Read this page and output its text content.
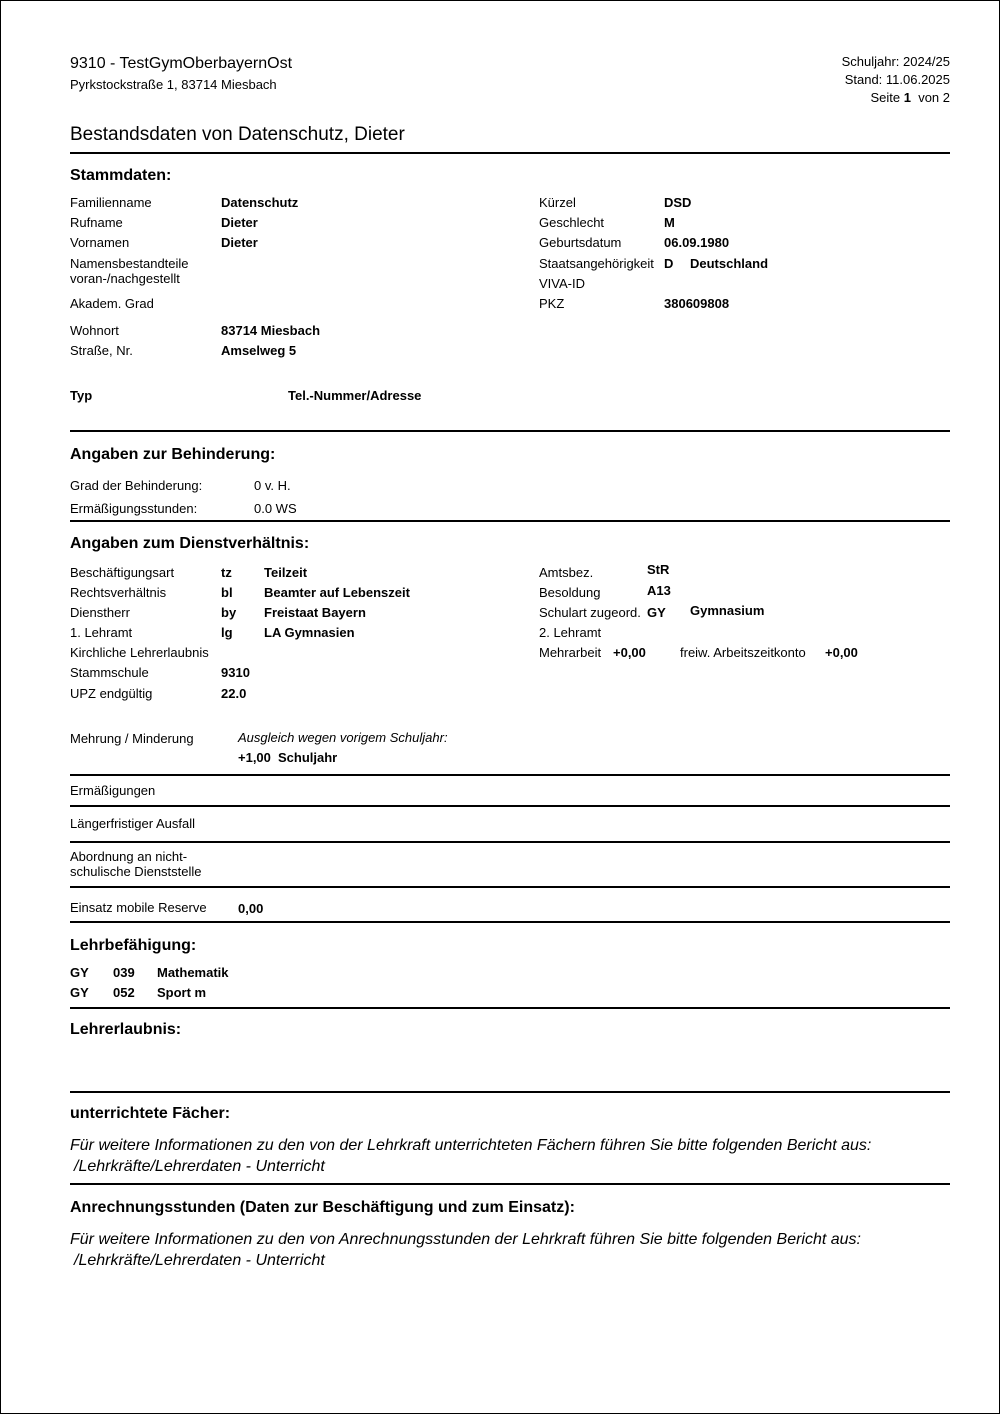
9310 - TestGymOberbayernOst
Pyrkstockstraße 1, 83714 Miesbach
Schuljahr: 2024/25
Stand: 11.06.2025
Seite 1 von 2
Bestandsdaten von Datenschutz, Dieter
Stammdaten:
Familienname	Datenschutz
Rufname	Dieter
Vornamen	Dieter
Namensbestandteile
voran-/nachgestellt
Akadem. Grad
Kürzel	DSD
Geschlecht	M
Geburtsdatum	06.09.1980
Staatsangehörigkeit D Deutschland
VIVA-ID
PKZ	380609808
Wohnort	83714 Miesbach
Straße, Nr.	Amselweg 5
Typ	Tel.-Nummer/Adresse
Angaben zur Behinderung:
Grad der Behinderung:	0 v. H.
Ermäßigungsstunden:	0.0 WS
Angaben zum Dienstverhältnis:
Beschäftigungsart	tz Teilzeit
Rechtsverhältnis	bl Beamter auf Lebenszeit
Dienstherr	by Freistaat Bayern
1. Lehramt	lg LA Gymnasien
Kirchliche Lehrerlaubnis
Stammschule	9310
UPZ endgültig	22.0
Amtsbez.	StR
Besoldung	A13
Schulart zugeord. GY Gymnasium
2. Lehramt
Mehrarbeit +0,00	freiw. Arbeitszeitkonto +0,00
Mehrung / Minderung	Ausgleich wegen vorigem Schuljahr:
+1,00 Schuljahr
Ermäßigungen
Längerfristiger Ausfall
Abordnung an nicht-
schulische Dienststelle
Einsatz mobile Reserve 0,00
Lehrbefähigung:
GY 039 Mathematik
GY 052 Sport m
Lehrerlaubnis:
unterrichtete Fächer:
Für weitere Informationen zu den von der Lehrkraft unterrichteten Fächern führen Sie bitte folgenden Bericht aus:
/Lehrkräfte/Lehrerdaten - Unterricht
Anrechnungsstunden (Daten zur Beschäftigung und zum Einsatz):
Für weitere Informationen zu den von Anrechnungsstunden der Lehrkraft führen Sie bitte folgenden Bericht aus:
/Lehrkräfte/Lehrerdaten - Unterricht
